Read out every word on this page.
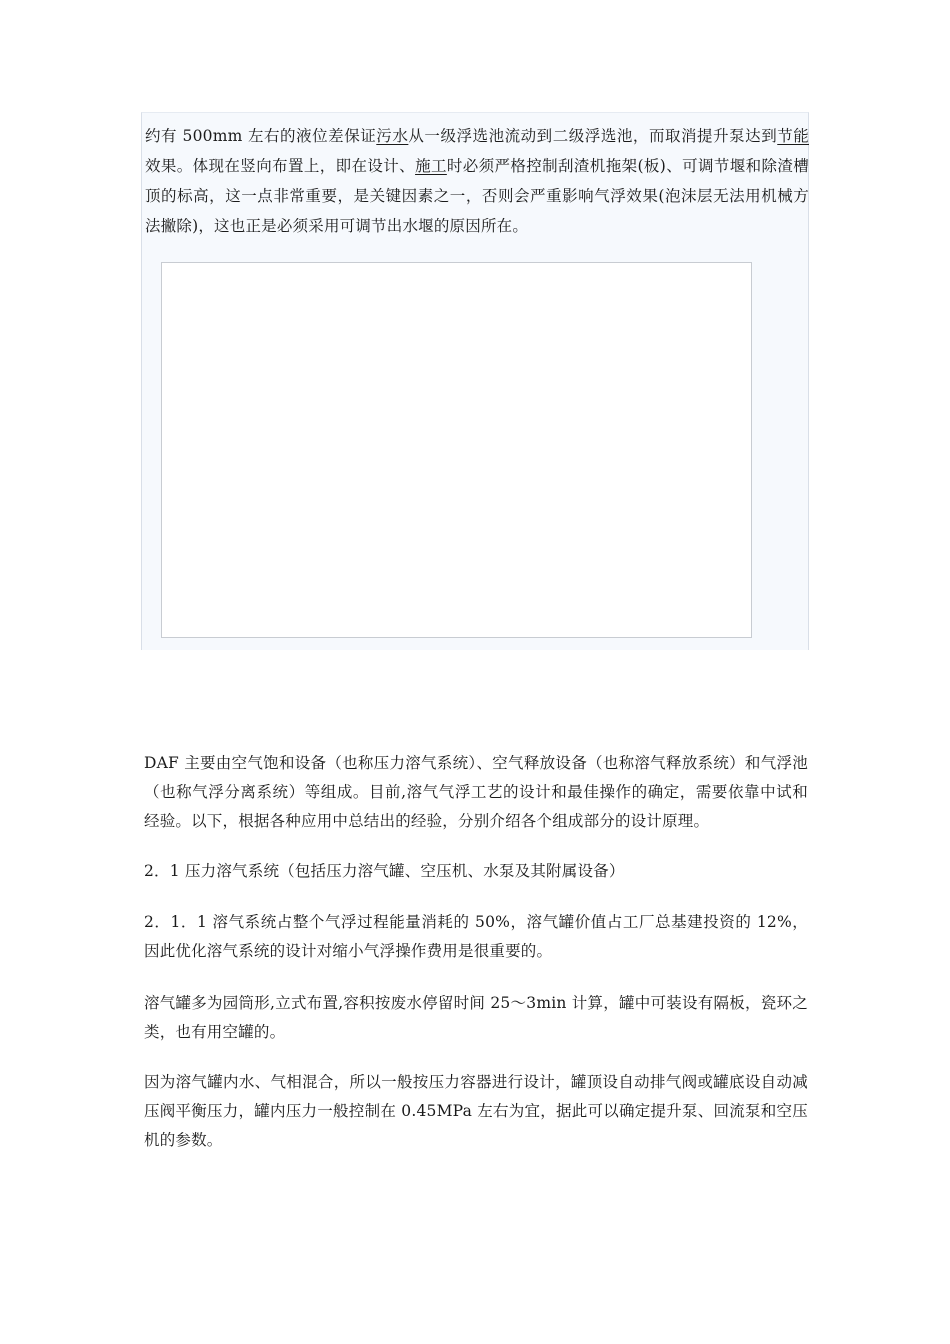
约有 500mm 左右的液位差保证污水从一级浮选池流动到二级浮选池，而取消提升泵达到节能效果。体现在竖向布置上，即在设计、施工时必须严格控制刮渣机拖架(板)、可调节堰和除渣槽顶的标高，这一点非常重要，是关键因素之一，否则会严重影响气浮效果(泡沫层无法用机械方法撇除)，这也正是必须采用可调节出水堰的原因所在。

DAF 主要由空气饱和设备（也称压力溶气系统）、空气释放设备（也称溶气释放系统）和气浮池（也称气浮分离系统）等组成。目前,溶气气浮工艺的设计和最佳操作的确定，需要依靠中试和经验。以下，根据各种应用中总结出的经验，分别介绍各个组成部分的设计原理。

2．1 压力溶气系统（包括压力溶气罐、空压机、水泵及其附属设备）

2．1．1 溶气系统占整个气浮过程能量消耗的 50%，溶气罐价值占工厂总基建投资的 12%，因此优化溶气系统的设计对缩小气浮操作费用是很重要的。

溶气罐多为园筒形,立式布置,容积按废水停留时间 25～3min 计算，罐中可装设有隔板，瓷环之类，也有用空罐的。

因为溶气罐内水、气相混合，所以一般按压力容器进行设计，罐顶设自动排气阀或罐底设自动减压阀平衡压力，罐内压力一般控制在 0.45MPa 左右为宜，据此可以确定提升泵、回流泵和空压机的参数。
